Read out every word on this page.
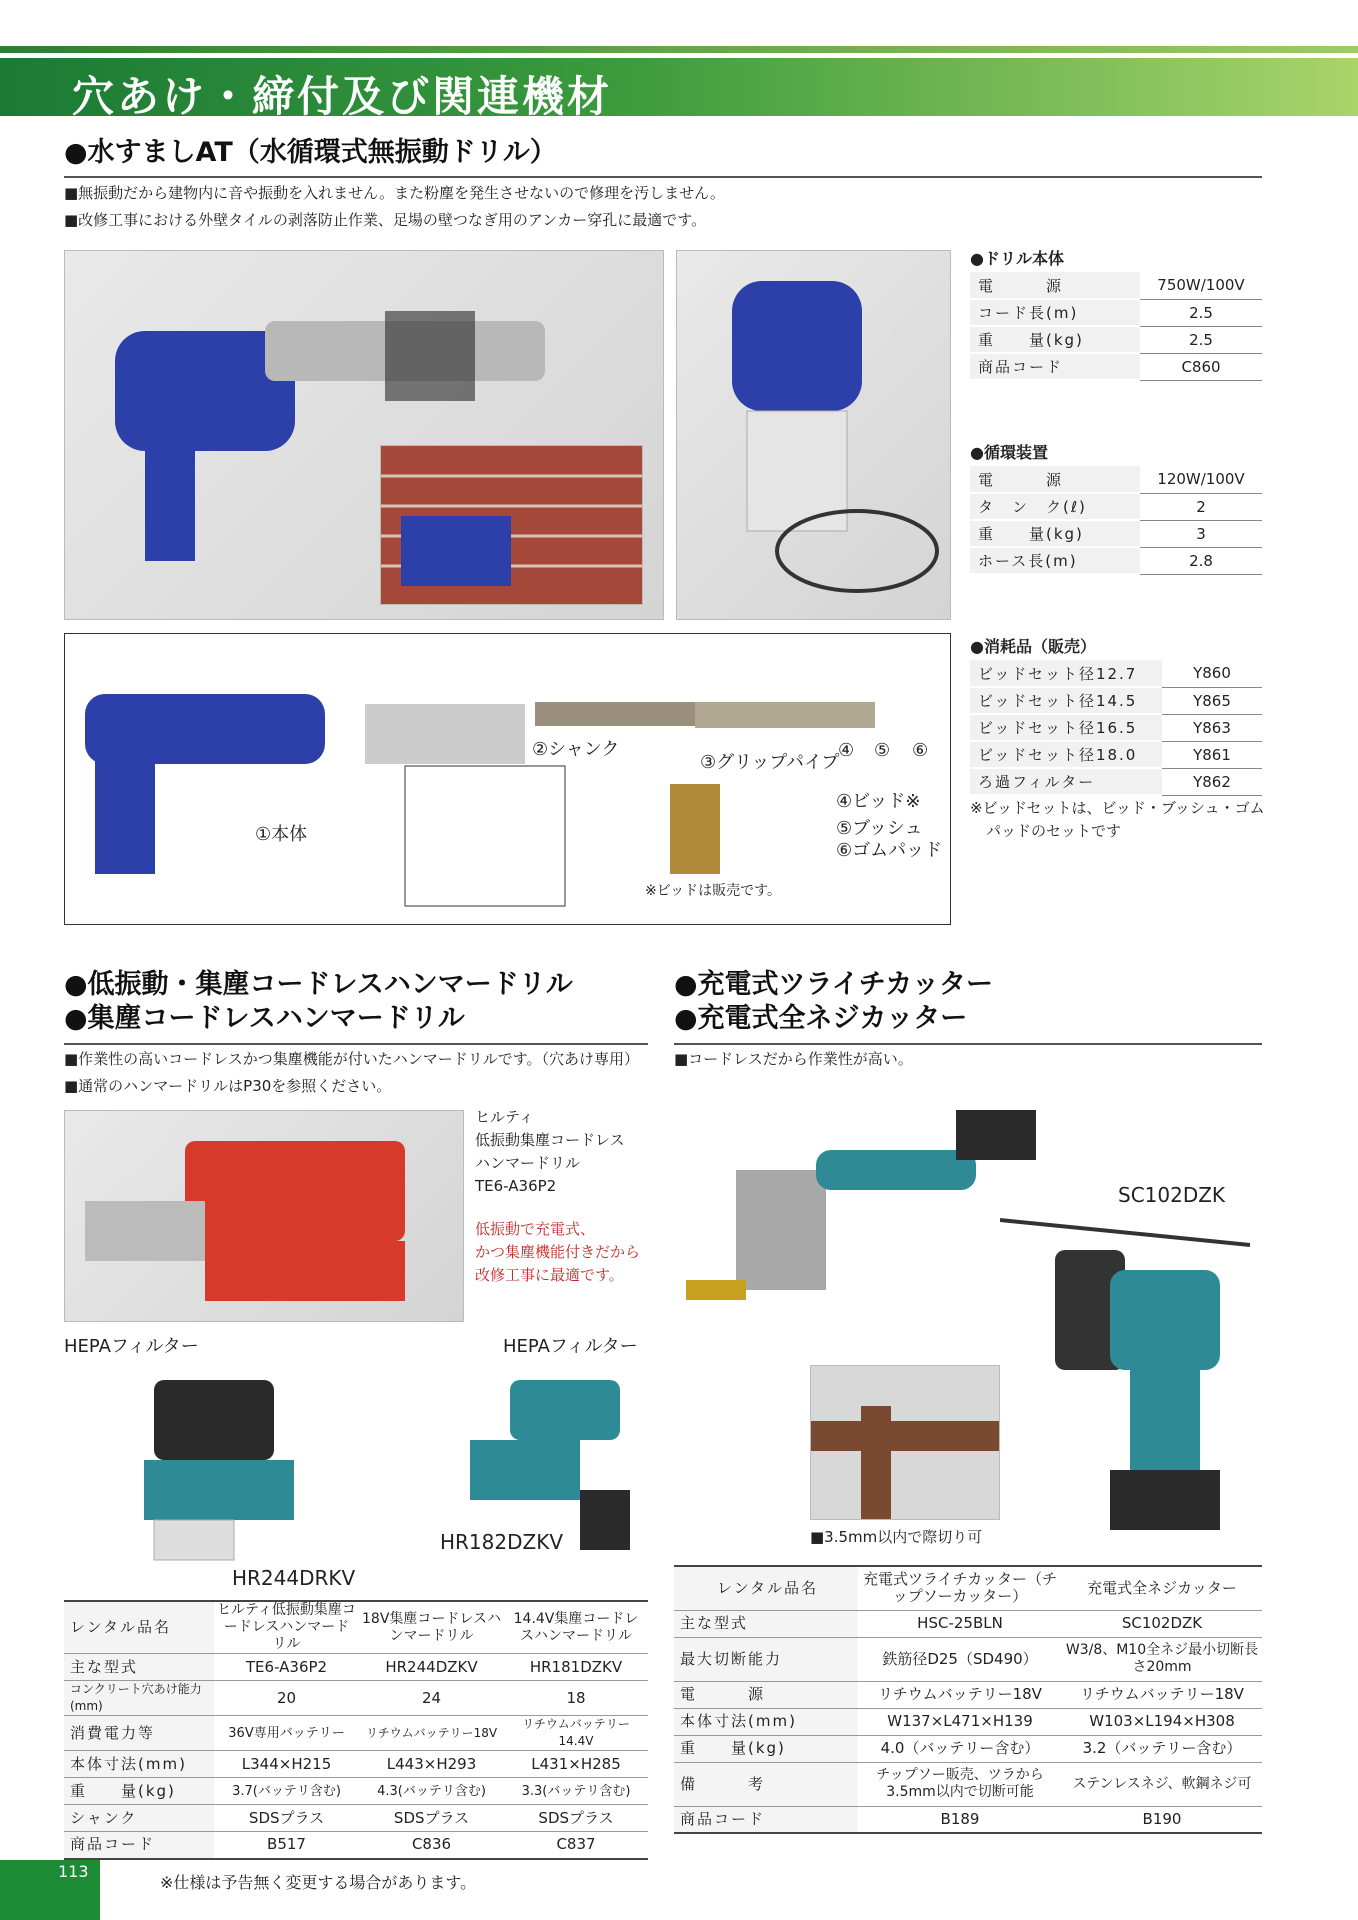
穴あけ・締付及び関連機材
●水すましAT（水循環式無振動ドリル）
■無振動だから建物内に音や振動を入れません。また粉塵を発生させないので修理を汚しません。
■改修工事における外壁タイルの剥落防止作業、足場の壁つなぎ用のアンカー穿孔に最適です。
●ドリル本体
電　　　源	750W/100V
コード長(m)	2.5
重　　量(kg)	2.5
商品コード	C860
●循環装置
電　　　源	120W/100V
タ　ン　ク(ℓ)	2
重　　量(kg)	3
ホース長(m)	2.8
①本体
②シャンク
③グリップパイプ
④ ⑤ ⑥
④ビッド※
⑤ブッシュ
⑥ゴムパッド
※ビッドは販売です。
●消耗品（販売）
ビッドセット径12.7	Y860
ビッドセット径14.5	Y865
ビッドセット径16.5	Y863
ビッドセット径18.0	Y861
ろ過フィルター	Y862
※ビッドセットは、ビッド・ブッシュ・ゴム
パッドのセットです
●低振動・集塵コードレスハンマードリル
●集塵コードレスハンマードリル
■作業性の高いコードレスかつ集塵機能が付いたハンマードリルです。（穴あけ専用）
■通常のハンマードリルはP30を参照ください。
ヒルティ
低振動集塵コードレス
ハンマードリル
TE6-A36P2
低振動で充電式、
かつ集塵機能付きだから
改修工事に最適です。
HEPAフィルター	HEPAフィルター
HR244DRKV
HR182DZKV
レンタル品名	ヒルティ低振動集塵コードレスハンマードリル	18V集塵コードレスハンマードリル	14.4V集塵コードレスハンマードリル
主な型式	TE6-A36P2	HR244DZKV	HR181DZKV
コンクリート穴あけ能力(mm)	20	24	18
消費電力等	36V専用バッテリー	リチウムバッテリー18V	リチウムバッテリー14.4V
本体寸法(mm)	L344×H215	L443×H293	L431×H285
重　　量(kg)	3.7(バッテリ含む)	4.3(バッテリ含む)	3.3(バッテリ含む)
シャンク	SDSプラス	SDSプラス	SDSプラス
商品コード	B517	C836	C837
●充電式ツライチカッター
●充電式全ネジカッター
■コードレスだから作業性が高い。
SC102DZK
■3.5mm以内で際切り可
レンタル品名	充電式ツライチカッター（チップソーカッター）	充電式全ネジカッター
主な型式	HSC-25BLN	SC102DZK
最大切断能力	鉄筋径D25（SD490）	W3/8、M10全ネジ最小切断長さ20mm
電　　　源	リチウムバッテリー18V	リチウムバッテリー18V
本体寸法(mm)	W137×L471×H139	W103×L194×H308
重　　量(kg)	4.0（バッテリー含む）	3.2（バッテリー含む）
備　　　考	チップソー販売、ツラから3.5mm以内で切断可能	ステンレスネジ、軟鋼ネジ可
商品コード	B189	B190
113
※仕様は予告無く変更する場合があります。
